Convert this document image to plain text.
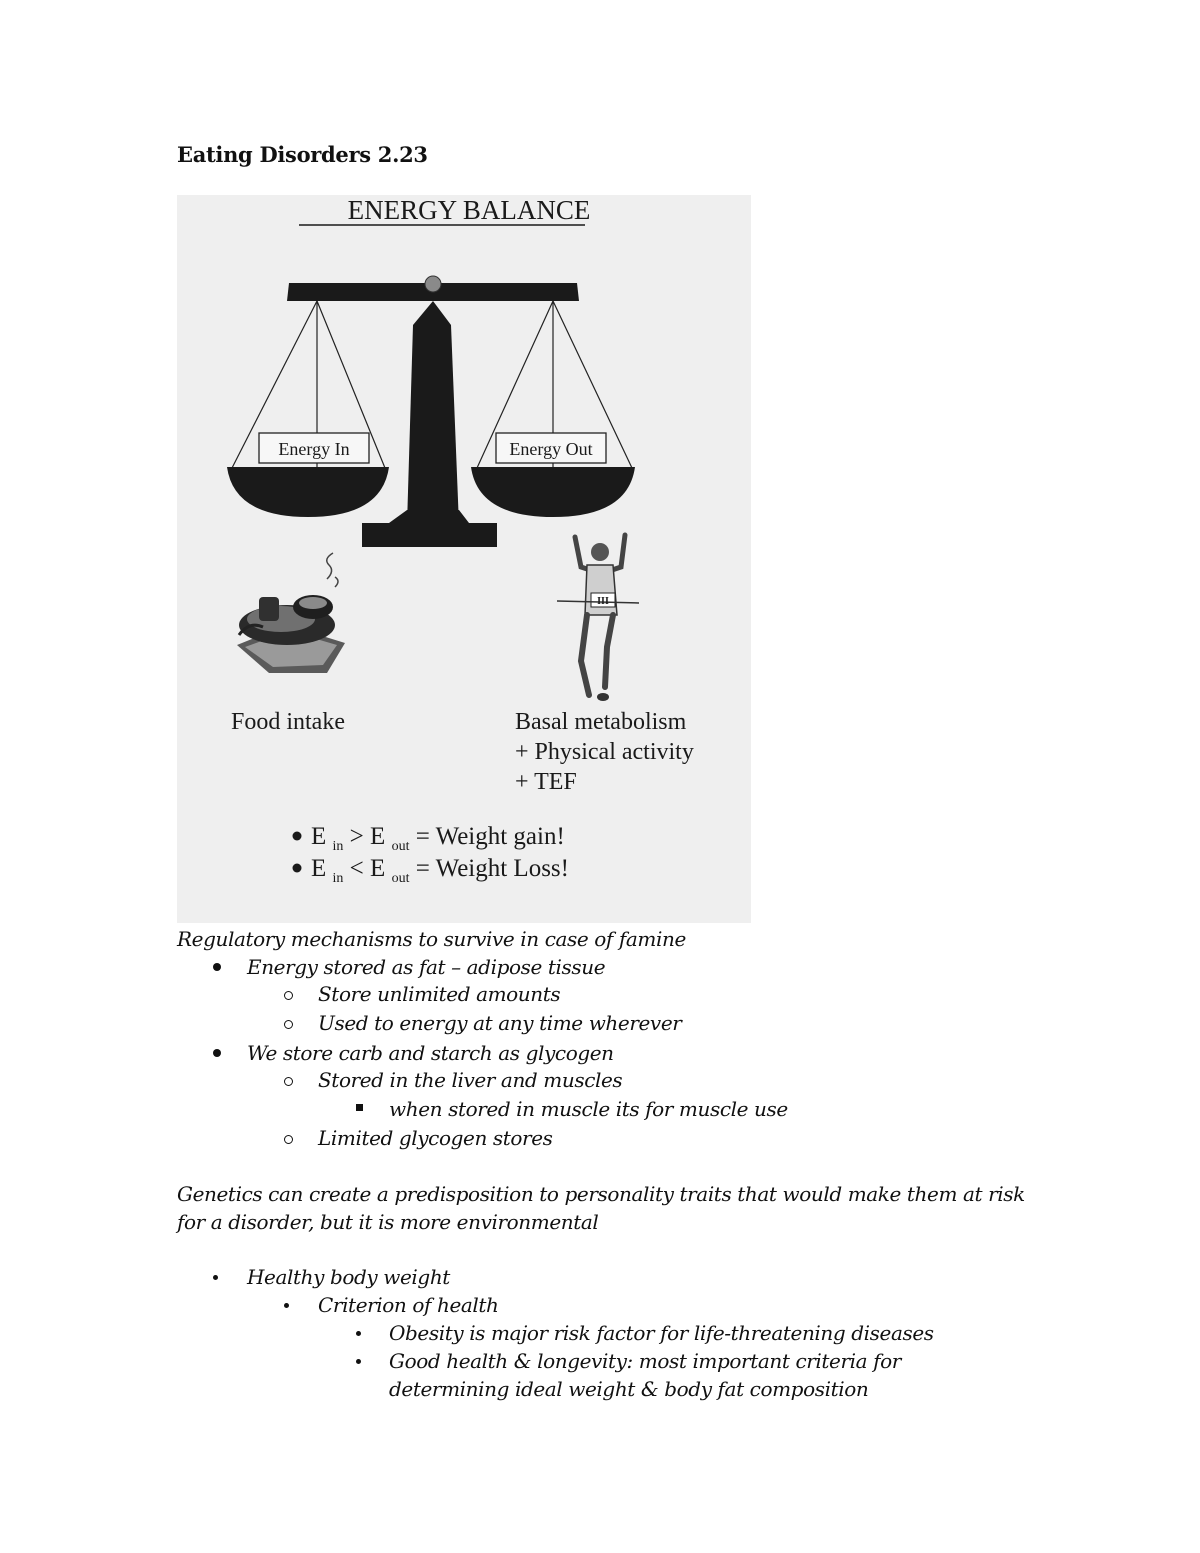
Eating Disorders 2.23
ENERGY BALANCE
Energy In	Energy Out
Food intake
III
Basal metabolism
+ Physical activity
+ TEF
E $_{in}$ > E $_{out}$ = Weight gain!
E $_{in}$ < E $_{out}$ = Weight Loss!
Regulatory mechanisms to survive in case of famine
Energy stored as fat – adipose tissue
Store unlimited amounts
Used to energy at any time wherever
We store carb and starch as glycogen
Stored in the liver and muscles
when stored in muscle its for muscle use
Limited glycogen stores
Genetics can create a predisposition to personality traits that would make them at risk
for a disorder, but it is more environmental
Healthy body weight
Criterion of health
Obesity is major risk factor for life-threatening diseases
Good health & longevity: most important criteria for
determining ideal weight & body fat composition
